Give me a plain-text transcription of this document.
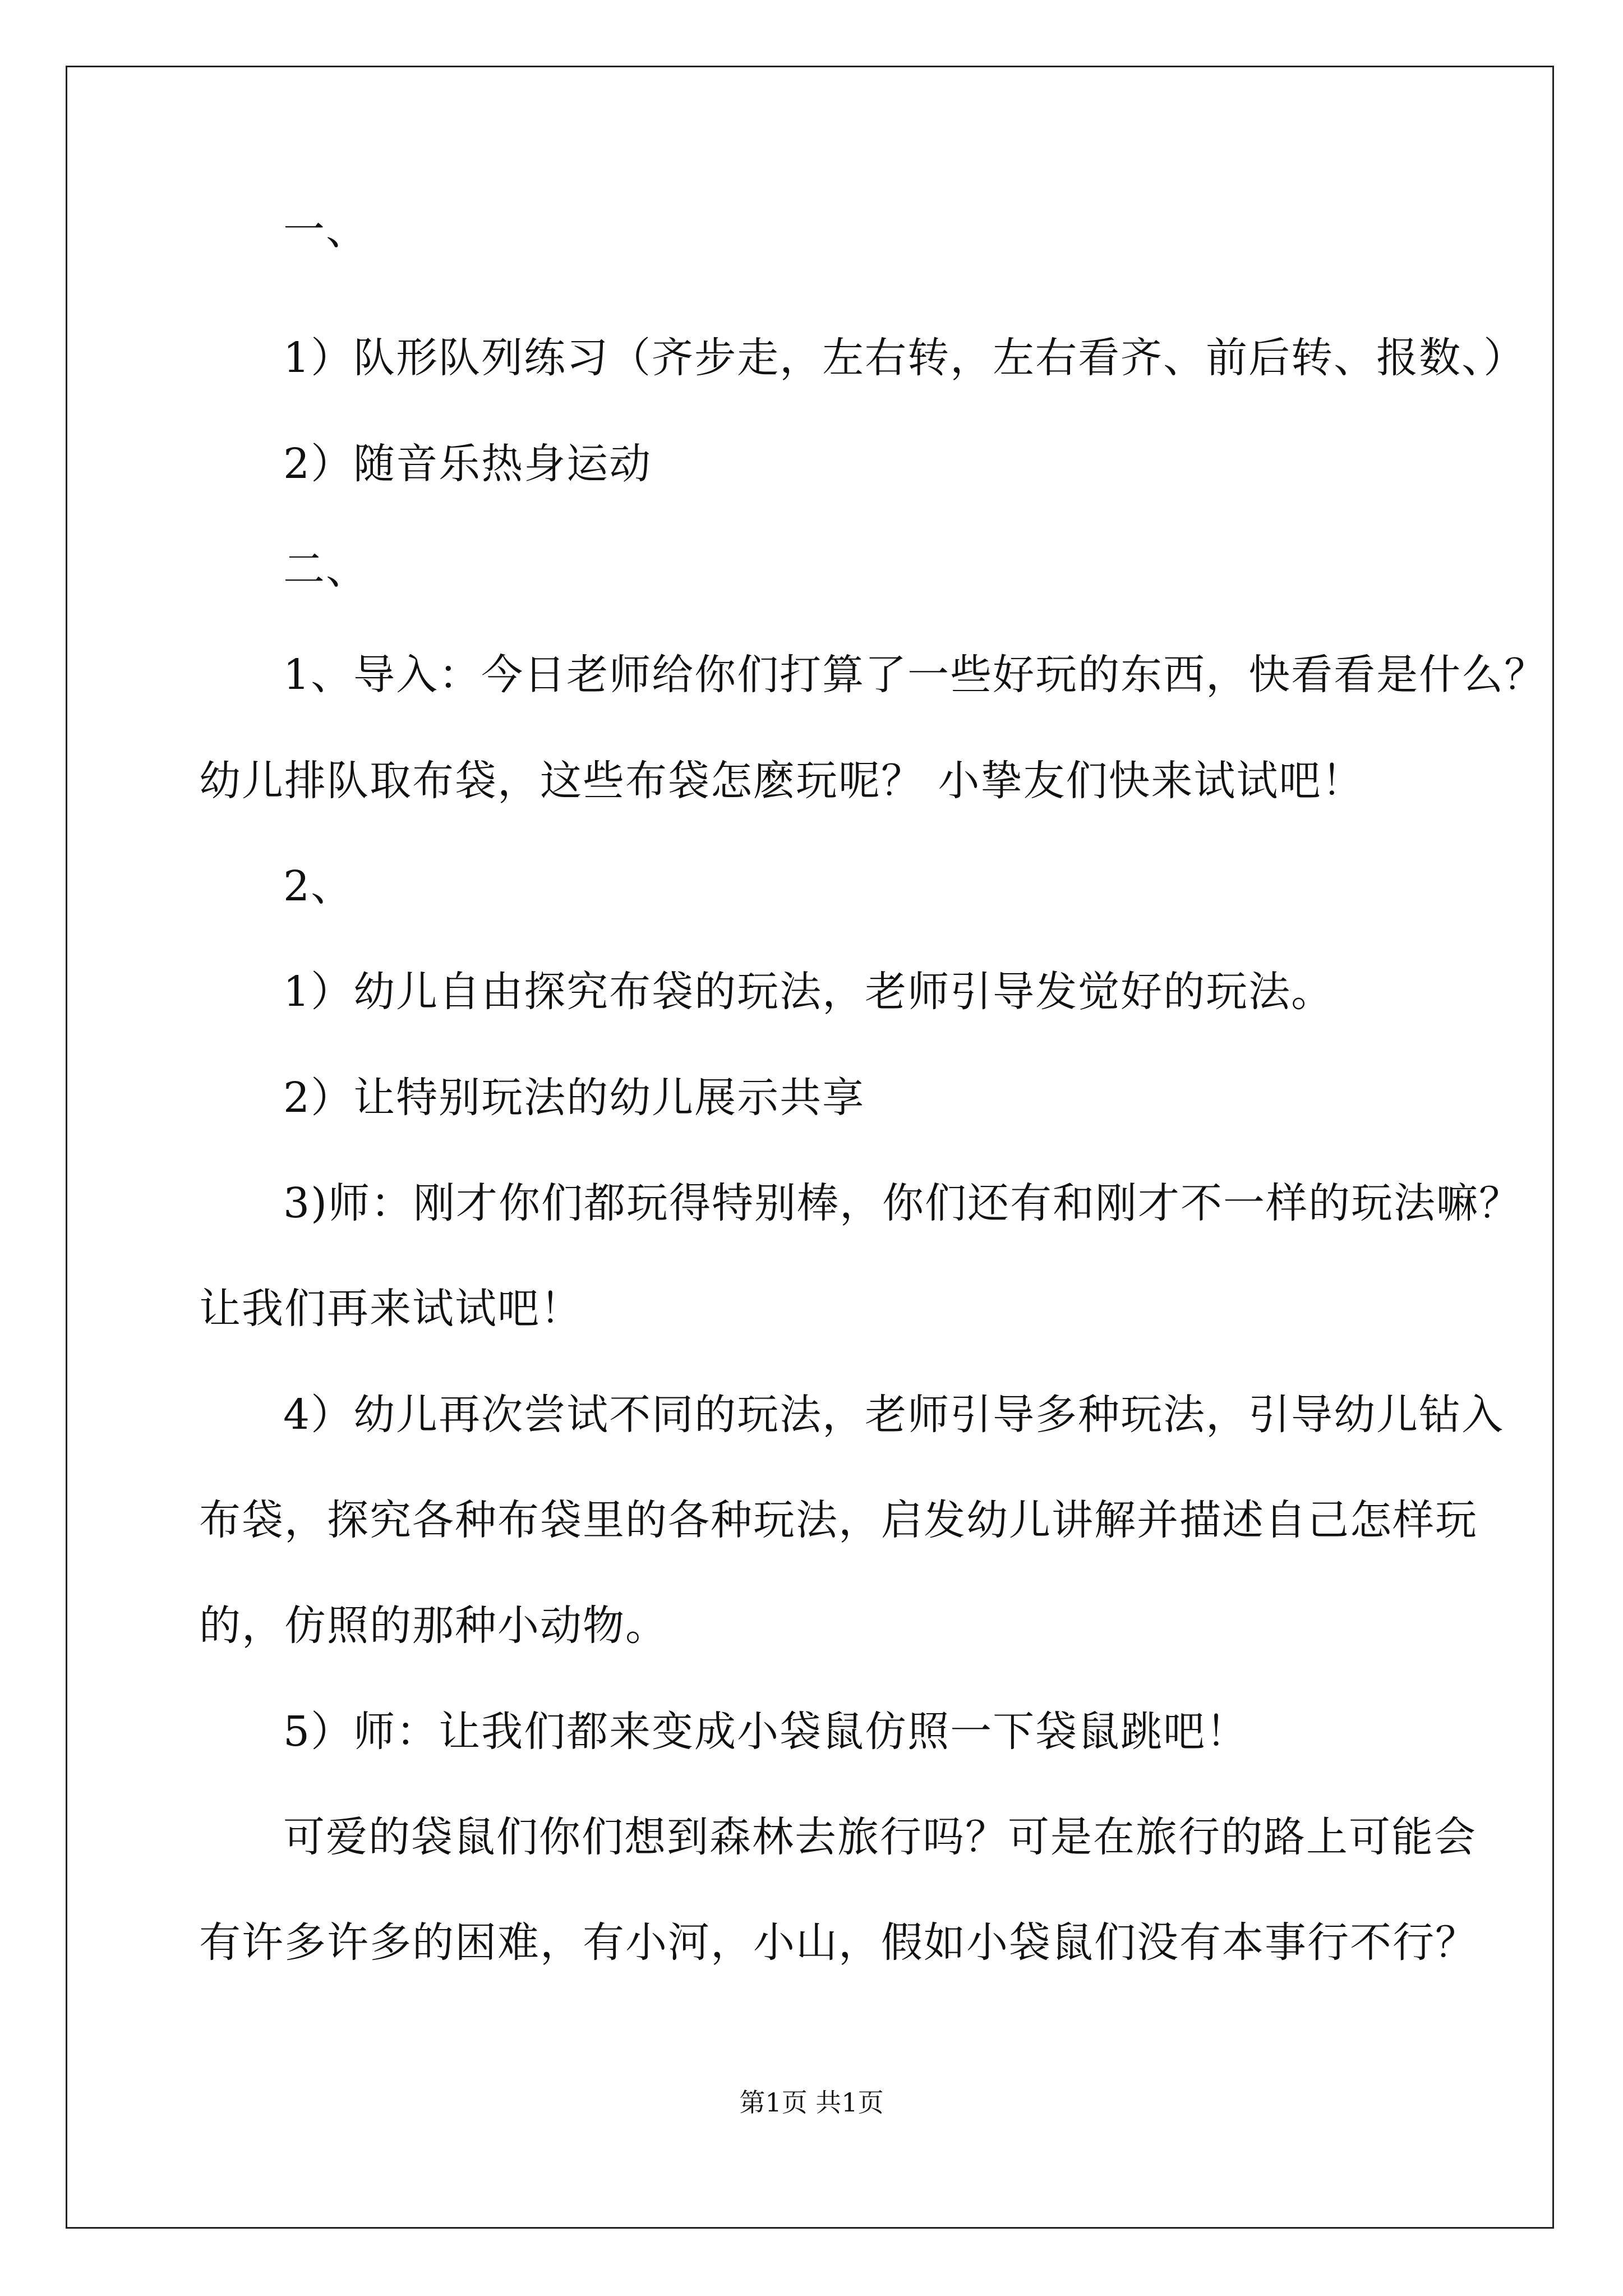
一、
1）队形队列练习（齐步走，左右转，左右看齐、前后转、报数、）
2）随音乐热身运动
二、
1、导入：今日老师给你们打算了一些好玩的东西，快看看是什么？
幼儿排队取布袋，这些布袋怎麽玩呢？ 小挚友们快来试试吧！
2、
1）幼儿自由探究布袋的玩法，老师引导发觉好的玩法。
2）让特别玩法的幼儿展示共享
3)师：刚才你们都玩得特别棒，你们还有和刚才不一样的玩法嘛？
让我们再来试试吧！
4）幼儿再次尝试不同的玩法，老师引导多种玩法，引导幼儿钻入
布袋，探究各种布袋里的各种玩法，启发幼儿讲解并描述自己怎样玩
的，仿照的那种小动物。
5）师：让我们都来变成小袋鼠仿照一下袋鼠跳吧！
可爱的袋鼠们你们想到森林去旅行吗？可是在旅行的路上可能会
有许多许多的困难，有小河，小山，假如小袋鼠们没有本事行不行？
第1页 共1页
